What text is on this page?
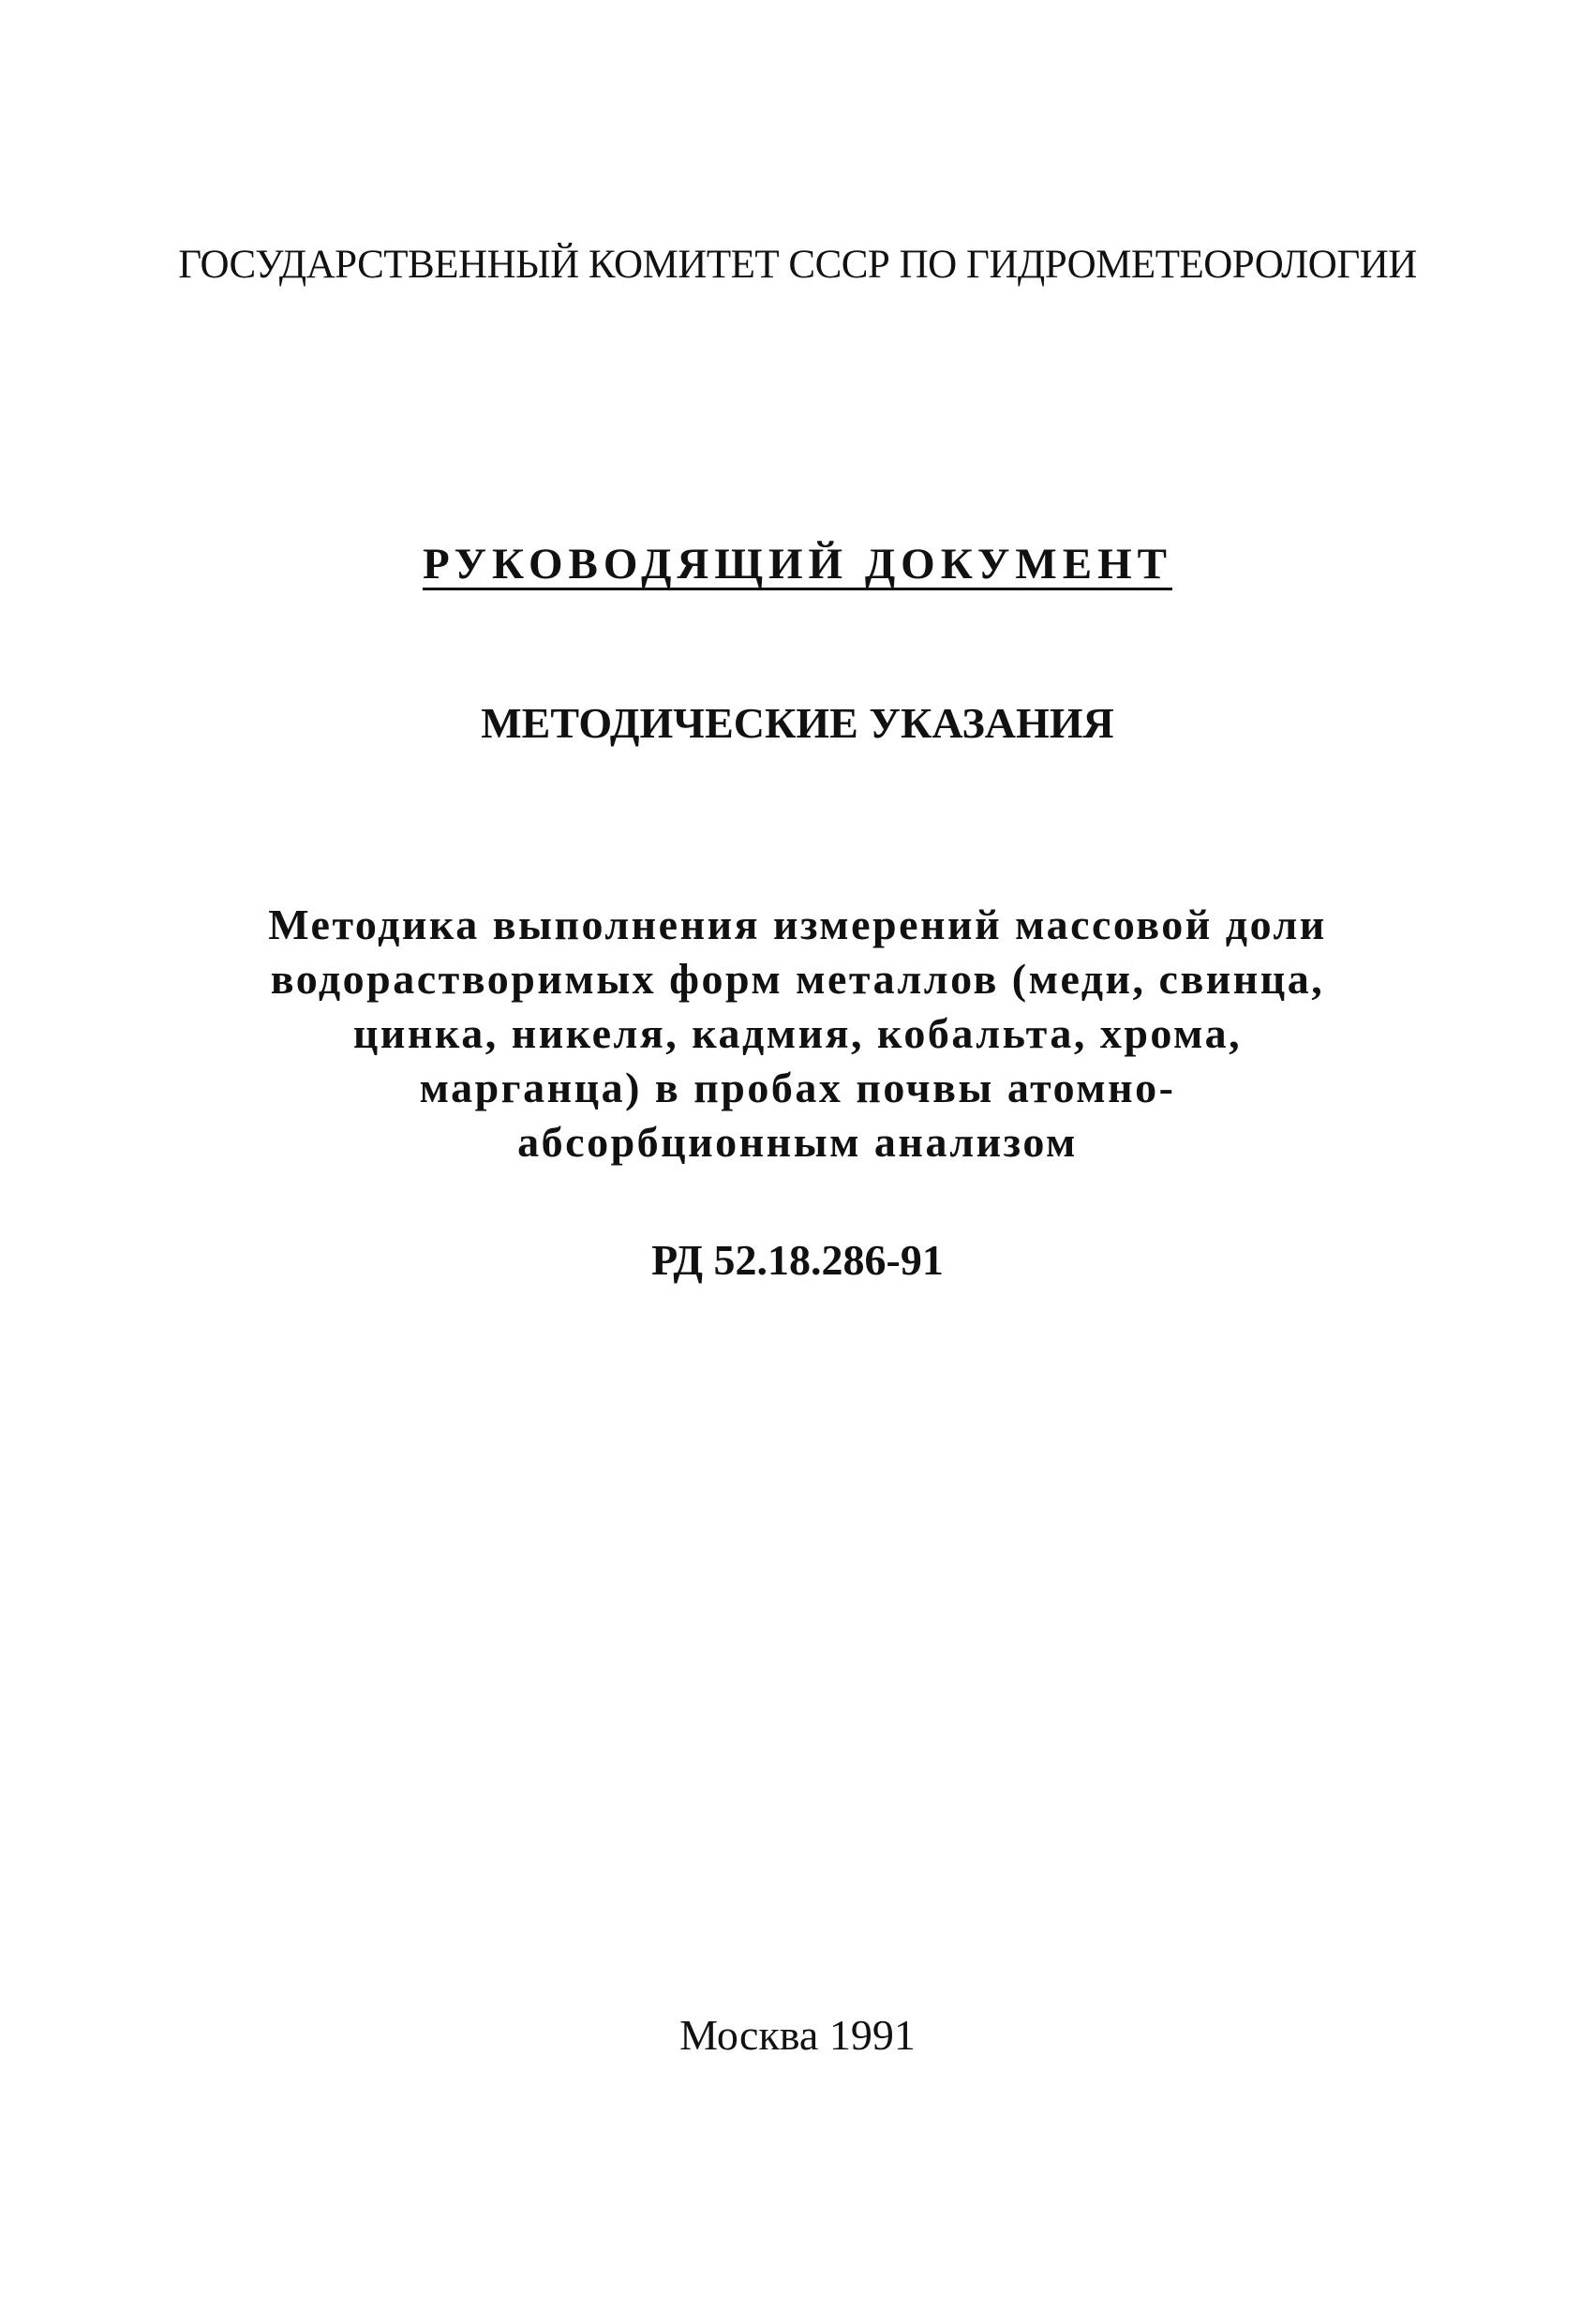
ГОСУДАРСТВЕННЫЙ КОМИТЕТ СССР ПО ГИДРОМЕТЕОРОЛОГИИ
РУКОВОДЯЩИЙ ДОКУМЕНТ
МЕТОДИЧЕСКИЕ УКАЗАНИЯ
Методика выполнения измерений массовой доли
водорастворимых форм металлов (меди, свинца,
цинка, никеля, кадмия, кобальта, хрома,
марганца) в пробах почвы атомно-
абсорбционным анализом
РД 52.18.286-91
Москва 1991
